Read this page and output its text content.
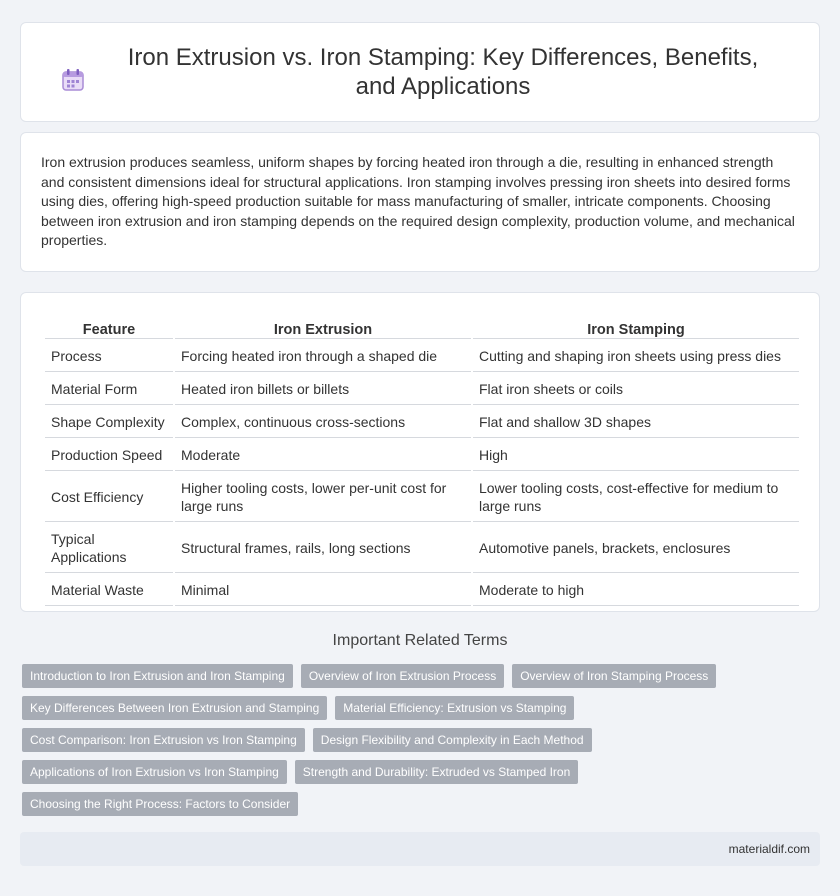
Iron Extrusion vs. Iron Stamping: Key Differences, Benefits, and Applications

Iron extrusion produces seamless, uniform shapes by forcing heated iron through a die, resulting in enhanced strength and consistent dimensions ideal for structural applications. Iron stamping involves pressing iron sheets into desired forms using dies, offering high-speed production suitable for mass manufacturing of smaller, intricate components. Choosing between iron extrusion and iron stamping depends on the required design complexity, production volume, and mechanical properties.

Feature	Iron Extrusion	Iron Stamping
Process	Forcing heated iron through a shaped die	Cutting and shaping iron sheets using press dies
Material Form	Heated iron billets or billets	Flat iron sheets or coils
Shape Complexity	Complex, continuous cross-sections	Flat and shallow 3D shapes
Production Speed	Moderate	High
Cost Efficiency	Higher tooling costs, lower per-unit cost for large runs	Lower tooling costs, cost-effective for medium to large runs
Typical Applications	Structural frames, rails, long sections	Automotive panels, brackets, enclosures
Material Waste	Minimal	Moderate to high
Important Related Terms
Introduction to Iron Extrusion and Iron Stamping	Overview of Iron Extrusion Process	Overview of Iron Stamping Process
Key Differences Between Iron Extrusion and Stamping	Material Efficiency: Extrusion vs Stamping
Cost Comparison: Iron Extrusion vs Iron Stamping	Design Flexibility and Complexity in Each Method
Applications of Iron Extrusion vs Iron Stamping	Strength and Durability: Extruded vs Stamped Iron
Choosing the Right Process: Factors to Consider
materialdif.com
